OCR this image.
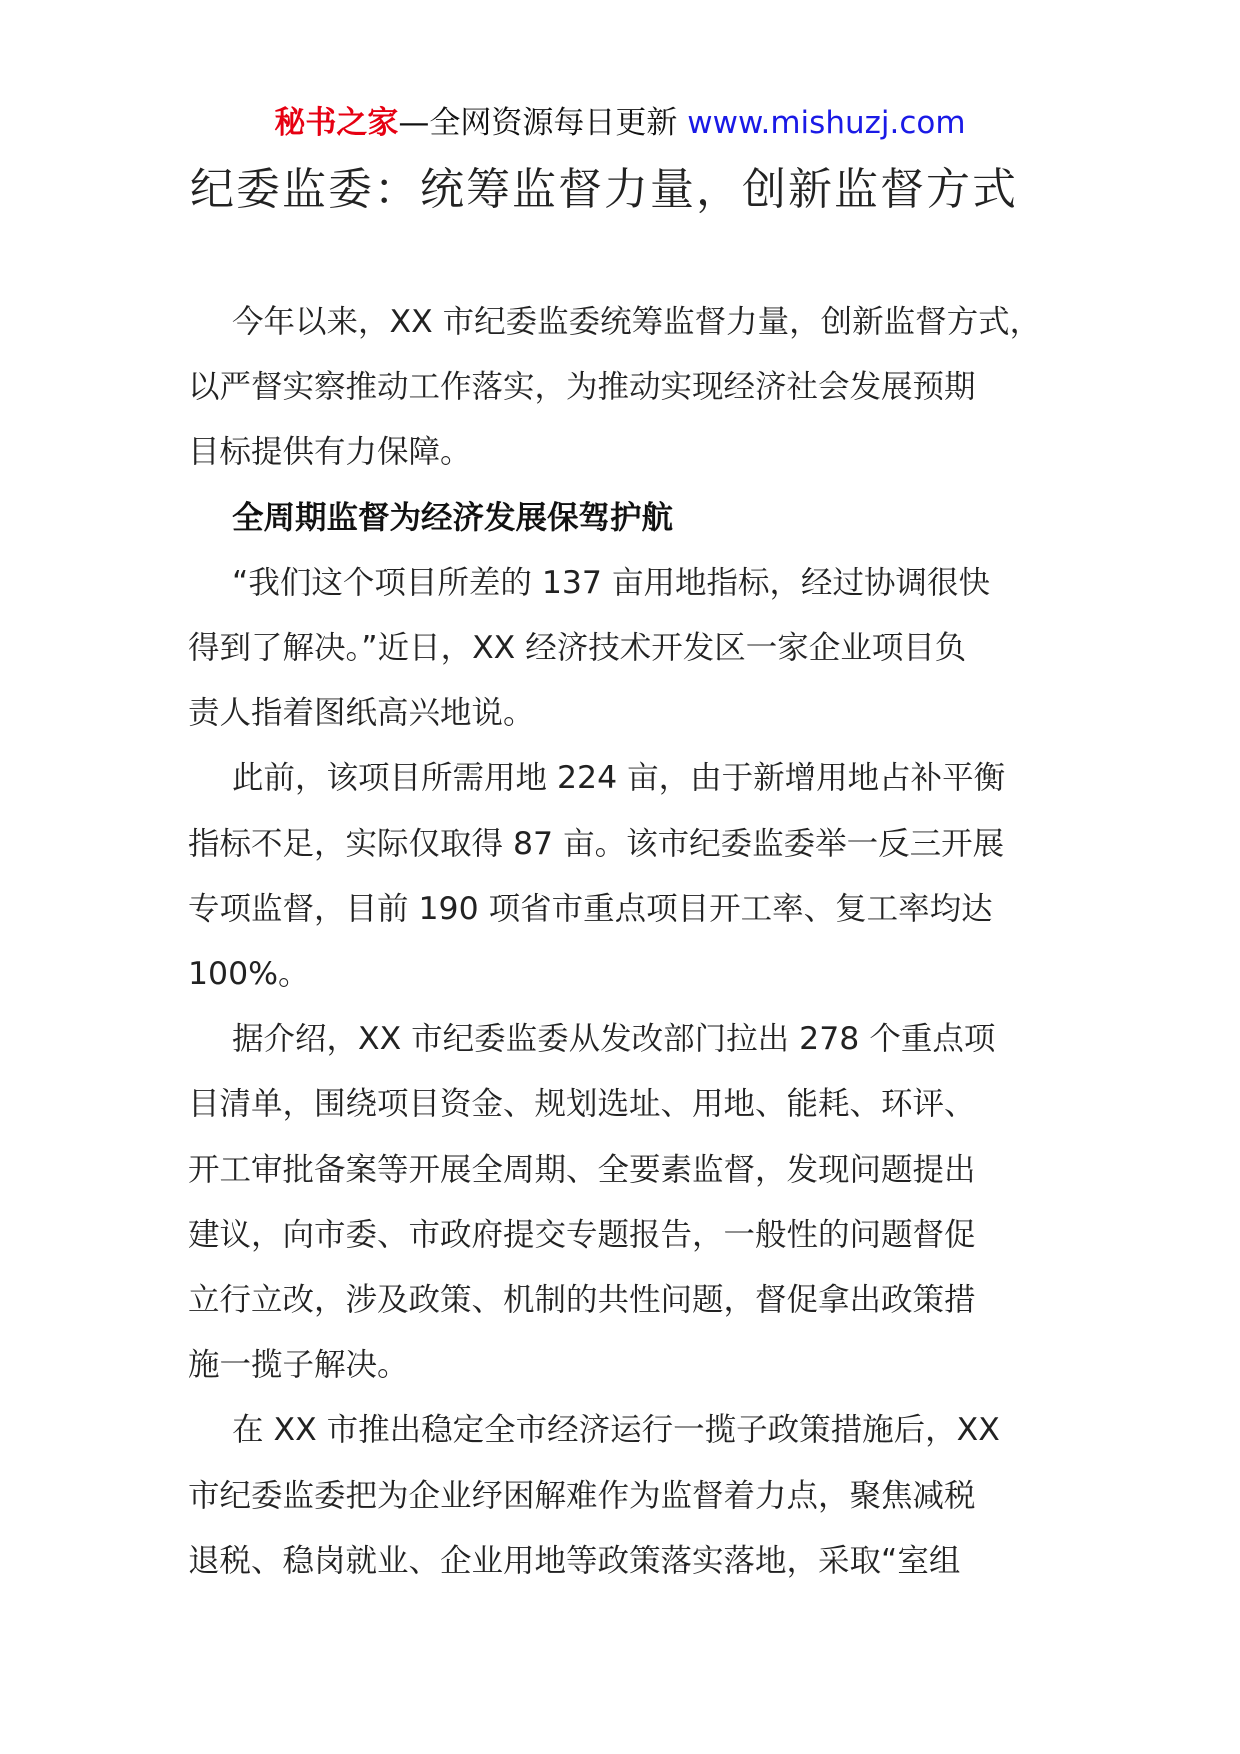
秘书之家—全网资源每日更新 www.mishuzj.com
纪委监委：统筹监督力量，创新监督方式

今年以来，XX 市纪委监委统筹监督力量，创新监督方式，
以严督实察推动工作落实，为推动实现经济社会发展预期
目标提供有力保障。

全周期监督为经济发展保驾护航

“我们这个项目所差的 137 亩用地指标，经过协调很快
得到了解决。”近日，XX 经济技术开发区一家企业项目负
责人指着图纸高兴地说。

此前，该项目所需用地 224 亩，由于新增用地占补平衡
指标不足，实际仅取得 87 亩。该市纪委监委举一反三开展
专项监督，目前 190 项省市重点项目开工率、复工率均达
100%。

据介绍，XX 市纪委监委从发改部门拉出 278 个重点项
目清单，围绕项目资金、规划选址、用地、能耗、环评、
开工审批备案等开展全周期、全要素监督，发现问题提出
建议，向市委、市政府提交专题报告，一般性的问题督促
立行立改，涉及政策、机制的共性问题，督促拿出政策措
施一揽子解决。

在 XX 市推出稳定全市经济运行一揽子政策措施后，XX
市纪委监委把为企业纾困解难作为监督着力点，聚焦减税
退税、稳岗就业、企业用地等政策落实落地，采取“室组
